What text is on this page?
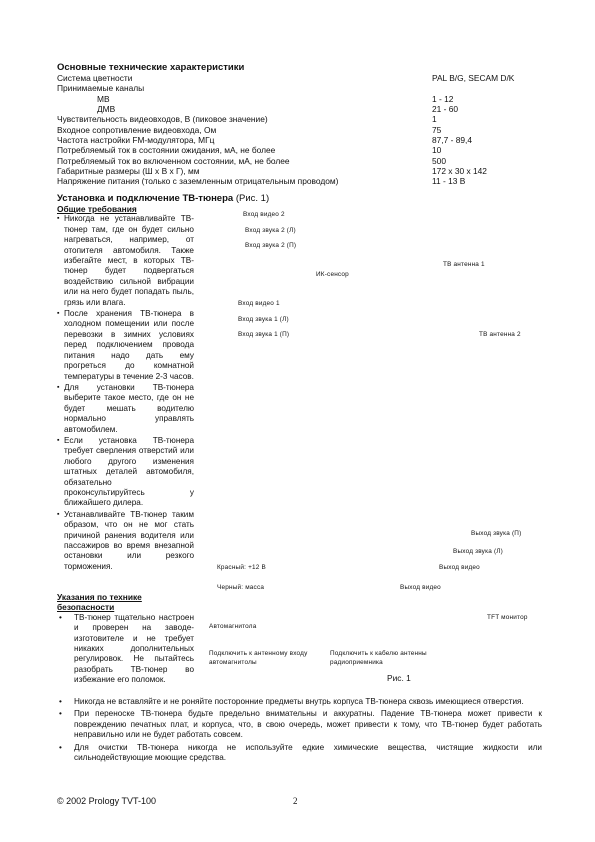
Основные технические характеристики
Система цветности	PAL B/G, SECAM D/K
Принимаемые каналы
МВ	1 - 12
ДМВ	21 - 60
Чувствительность видеовходов, В (пиковое значение)	1
Входное сопротивление видеовхода, Ом	75
Частота настройки FM-модулятора, МГц	87,7 - 89,4
Потребляемый ток в состоянии ожидания, мА, не более	10
Потребляемый ток во включенном состоянии, мА, не более	500
Габаритные размеры (Ш х В х Г), мм	172 х 30 х 142
Напряжение питания (только с заземленным отрицательным проводом)	11 - 13 В
Установка и подключение ТВ-тюнера (Рис. 1)
Общие требования
▪ Никогда не устанавливайте ТВ-тюнер там, где он будет сильно нагреваться, например, от отопителя автомобиля. Также избегайте мест, в которых ТВ-тюнер будет подвергаться воздействию сильной вибрации или на него будет попадать пыль, грязь или влага.
▪ После хранения ТВ-тюнера в холодном помещении или после перевозки в зимних условиях перед подключением провода питания надо дать ему прогреться до комнатной температуры в течение 2-3 часов.
▪ Для установки ТВ-тюнера выберите такое место, где он не будет мешать водителю нормально управлять автомобилем.
▪ Если установка ТВ-тюнера требует сверления отверстий или любого другого изменения штатных деталей автомобиля, обязательно проконсультируйтесь у ближайшего дилера.
▪ Устанавливайте ТВ-тюнер таким образом, что он не мог стать причиной ранения водителя или пассажиров во время внезапной остановки или резкого торможения.
Указания по технике безопасности
• ТВ-тюнер тщательно настроен и проверен на заводе-изготовителе и не требует никаких дополнительных регулировок. Не пытайтесь разобрать ТВ-тюнер во избежание его поломок.
Вход видео 2
Вход звука 2 (Л)
Вход звука 2 (П)
ТВ антенна 1
ИК-сенсор
Вход видео 1
Вход звука 1 (Л)
Вход звука 1 (П)	ТВ антенна 2
Выход звука (П)
Выход звука (Л)
Красный: +12 В	Выход видео
Черный: масса	Выход видео
TFT монитор
Автомагнитола
Подключить к антенному входу автомагнитолы
Подключить к кабелю антенны радиоприемника
Рис. 1
• Никогда не вставляйте и не роняйте посторонние предметы внутрь корпуса ТВ-тюнера сквозь имеющиеся отверстия.
• При переноске ТВ-тюнера будьте предельно внимательны и аккуратны. Падение ТВ-тюнера может привести к повреждению печатных плат, и корпуса, что, в свою очередь, может привести к тому, что ТВ-тюнер будет работать неправильно или не будет работать совсем.
• Для очистки ТВ-тюнера никогда не используйте едкие химические вещества, чистящие жидкости или сильнодействующие моющие средства.
© 2002 Prology TVT-100	2
